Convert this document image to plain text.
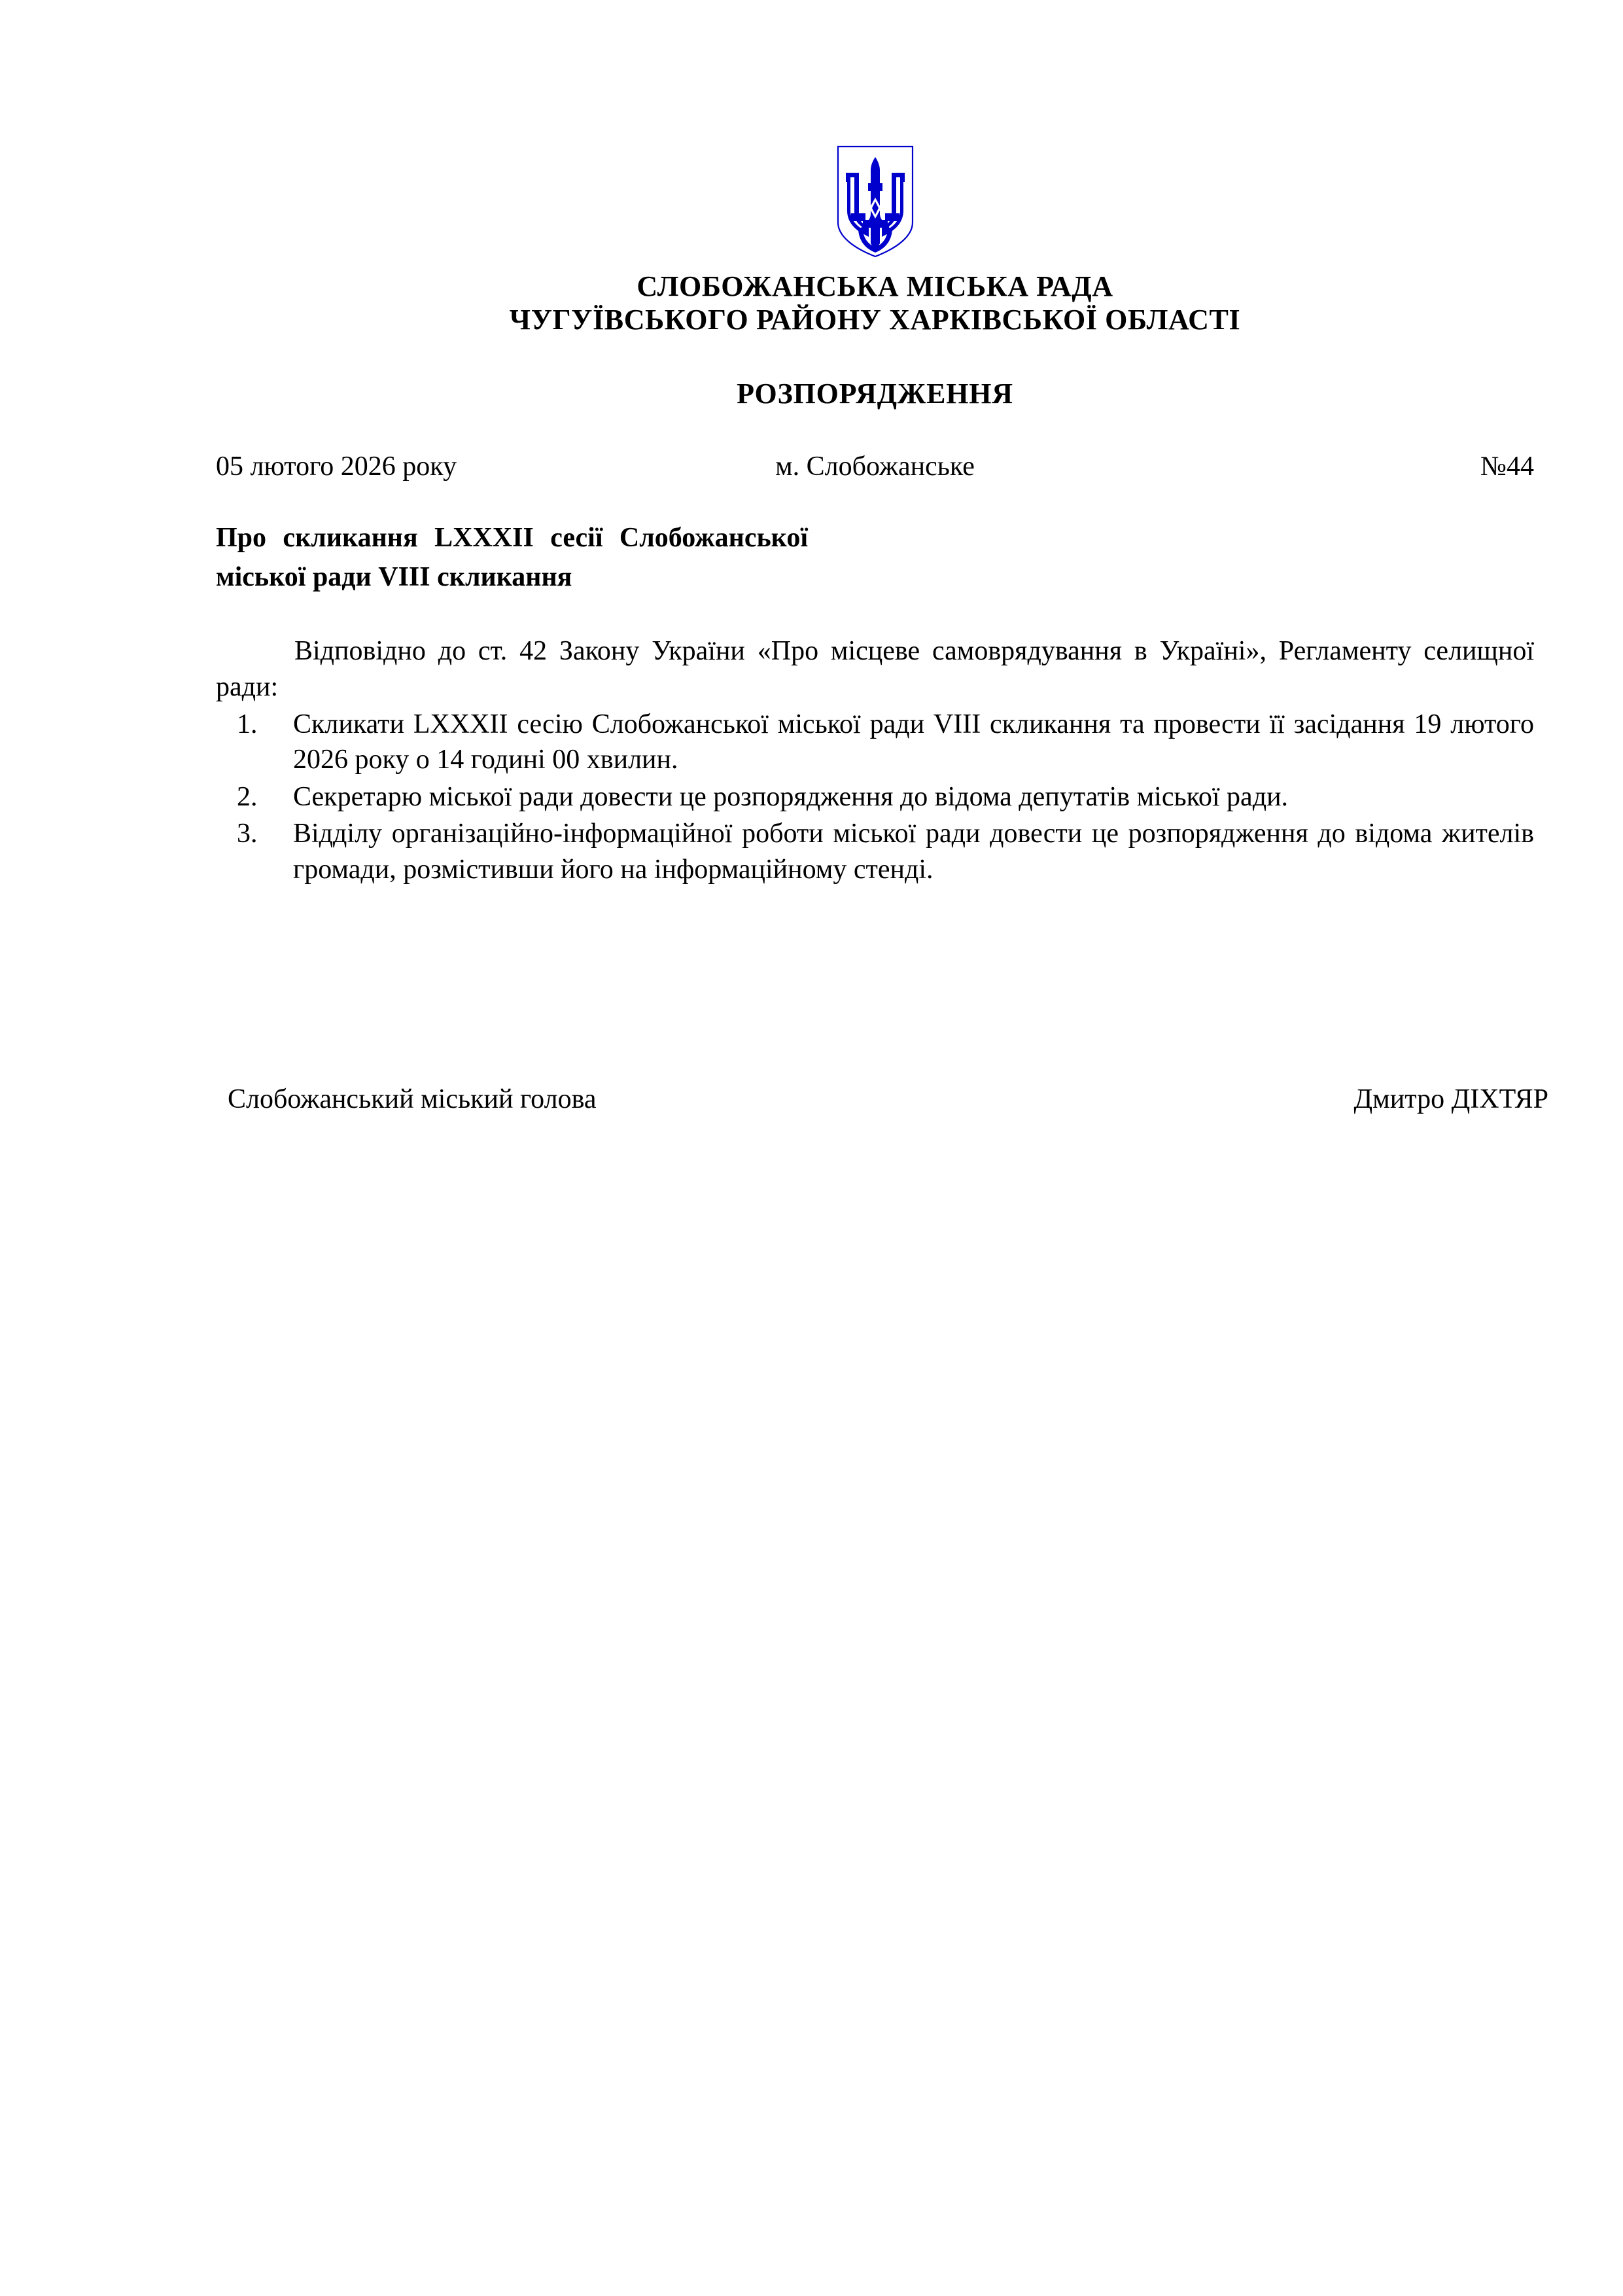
СЛОБОЖАНСЬКА МІСЬКА РАДА
ЧУГУЇВСЬКОГО РАЙОНУ ХАРКІВСЬКОЇ ОБЛАСТІ
РОЗПОРЯДЖЕННЯ
05 лютого 2026 року	м. Слобожанське	№44
Про скликання LXXXII сесії Слобожанської міської ради VIII скликання
Відповідно до ст. 42 Закону України «Про місцеве самоврядування в Україні», Регламенту селищної ради:
1.	Скликати LXXXII сесію Слобожанської міської ради VIII скликання та провести її засідання 19 лютого 2026 року о 14 годині 00 хвилин.
2.	Секретарю міської ради довести це розпорядження до відома депутатів міської ради.
3.	Відділу організаційно-інформаційної роботи міської ради довести це розпорядження до відома жителів громади, розмістивши його на інформаційному стенді.
Слобожанський міський голова	Дмитро ДІХТЯР
